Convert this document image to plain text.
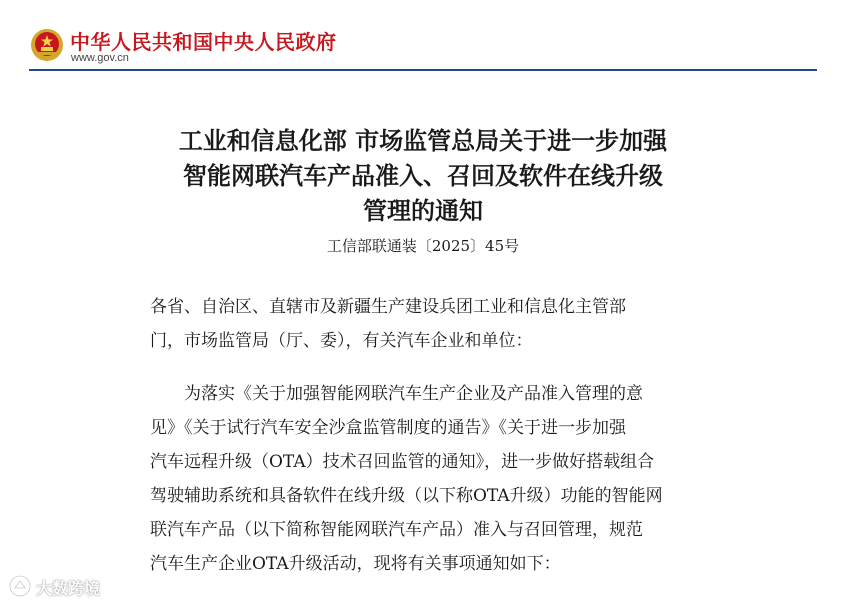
中华人民共和国中央人民政府
www.gov.cn
工业和信息化部 市场监管总局关于进一步加强
智能网联汽车产品准入、召回及软件在线升级
管理的通知
工信部联通装〔2025〕45号
各省、自治区、直辖市及新疆生产建设兵团工业和信息化主管部
门，市场监管局（厅、委），有关汽车企业和单位：
为落实《关于加强智能网联汽车生产企业及产品准入管理的意
见》《关于试行汽车安全沙盒监管制度的通告》《关于进一步加强
汽车远程升级（OTA）技术召回监管的通知》，进一步做好搭载组合
驾驶辅助系统和具备软件在线升级（以下称OTA升级）功能的智能网
联汽车产品（以下简称智能网联汽车产品）准入与召回管理，规范
汽车生产企业OTA升级活动，现将有关事项通知如下：
大数跨境
